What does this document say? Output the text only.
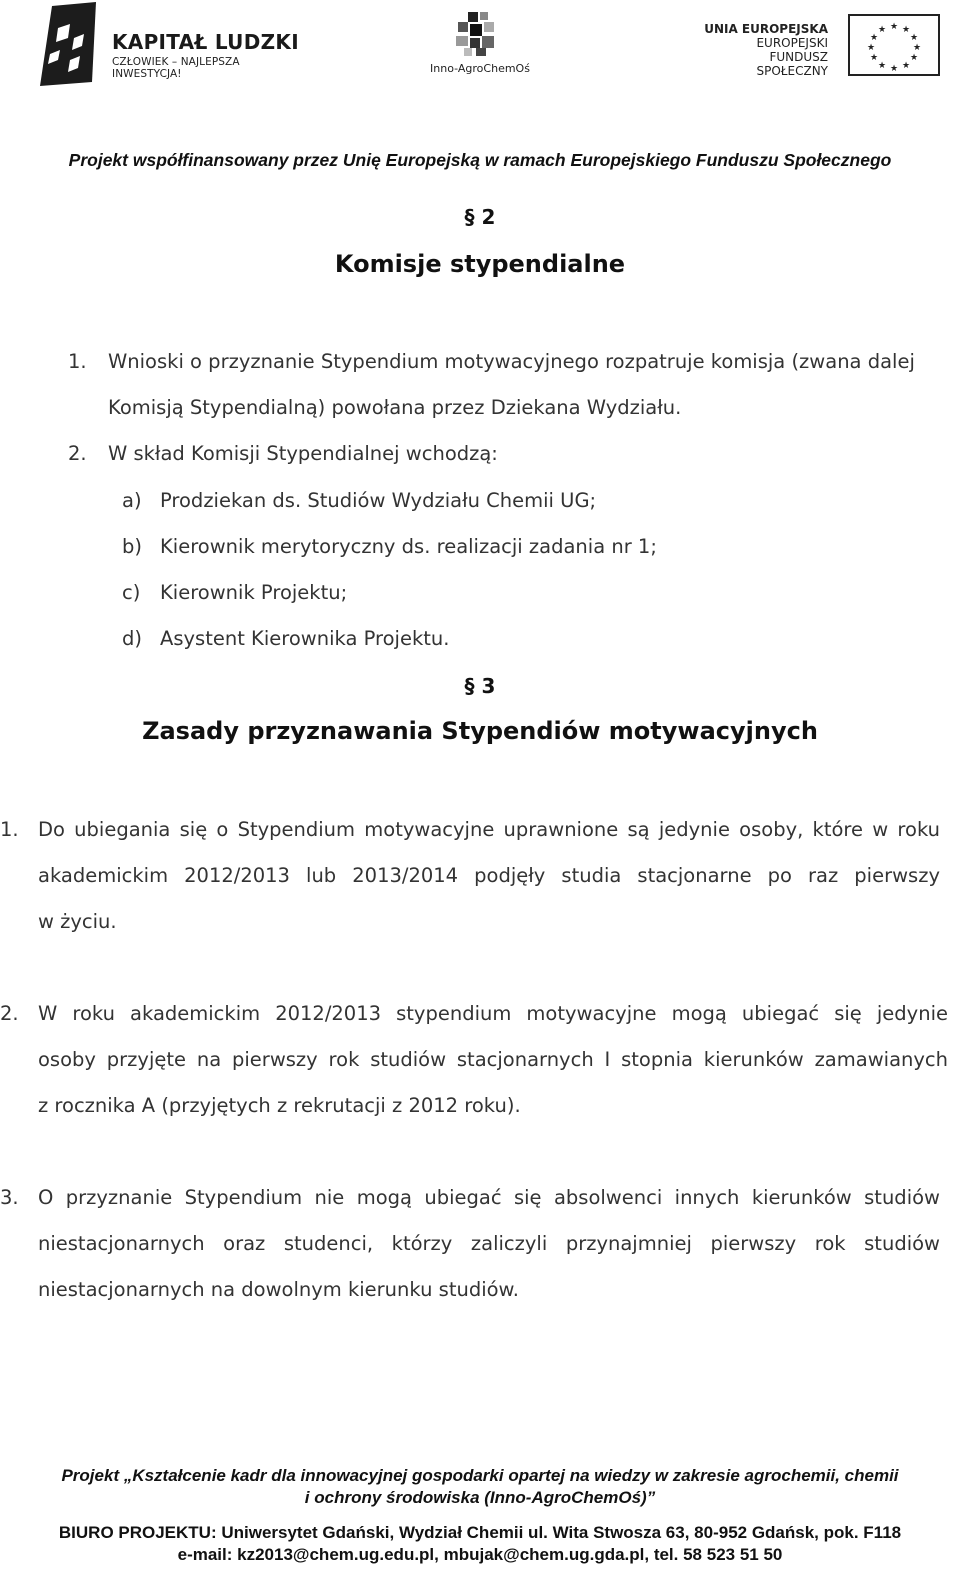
KAPITAŁ LUDZKI
CZŁOWIEK – NAJLEPSZA INWESTYCJA!	Inno-AgroChemOś
UNIA EUROPEJSKA
EUROPEJSKI
FUNDUSZ SPOŁECZNY
★ ★
★
★
★
★
★
★
★
★
★
★
Projekt współfinansowany przez Unię Europejską w ramach Europejskiego Funduszu Społecznego
§ 2
Komisje stypendialne
1. Wnioski o przyznanie Stypendium motywacyjnego rozpatruje komisja (zwana dalej
Komisją Stypendialną) powołana przez Dziekana Wydziału.
2. W skład Komisji Stypendialnej wchodzą:
a) Prodziekan ds. Studiów Wydziału Chemii UG;
b) Kierownik merytoryczny ds. realizacji zadania nr 1;
c) Kierownik Projektu;
d) Asystent Kierownika Projektu.
§ 3
Zasady przyznawania Stypendiów motywacyjnych
1. Do ubiegania się o Stypendium motywacyjne uprawnione są jedynie osoby, które w roku
akademickim 2012/2013 lub 2013/2014 podjęły studia stacjonarne po raz pierwszy
w życiu.
2. W roku akademickim 2012/2013 stypendium motywacyjne mogą ubiegać się jedynie
osoby przyjęte na pierwszy rok studiów stacjonarnych I stopnia kierunków zamawianych
z rocznika A (przyjętych z rekrutacji z 2012 roku).
3. O przyznanie Stypendium nie mogą ubiegać się absolwenci innych kierunków studiów
niestacjonarnych oraz studenci, którzy zaliczyli przynajmniej pierwszy rok studiów
niestacjonarnych na dowolnym kierunku studiów.
Projekt „Kształcenie kadr dla innowacyjnej gospodarki opartej na wiedzy w zakresie agrochemii, chemii
i ochrony środowiska (Inno-AgroChemOś)”
BIURO PROJEKTU: Uniwersytet Gdański, Wydział Chemii ul. Wita Stwosza 63, 80-952 Gdańsk, pok. F118
e-mail: kz2013@chem.ug.edu.pl, mbujak@chem.ug.gda.pl, tel. 58 523 51 50
